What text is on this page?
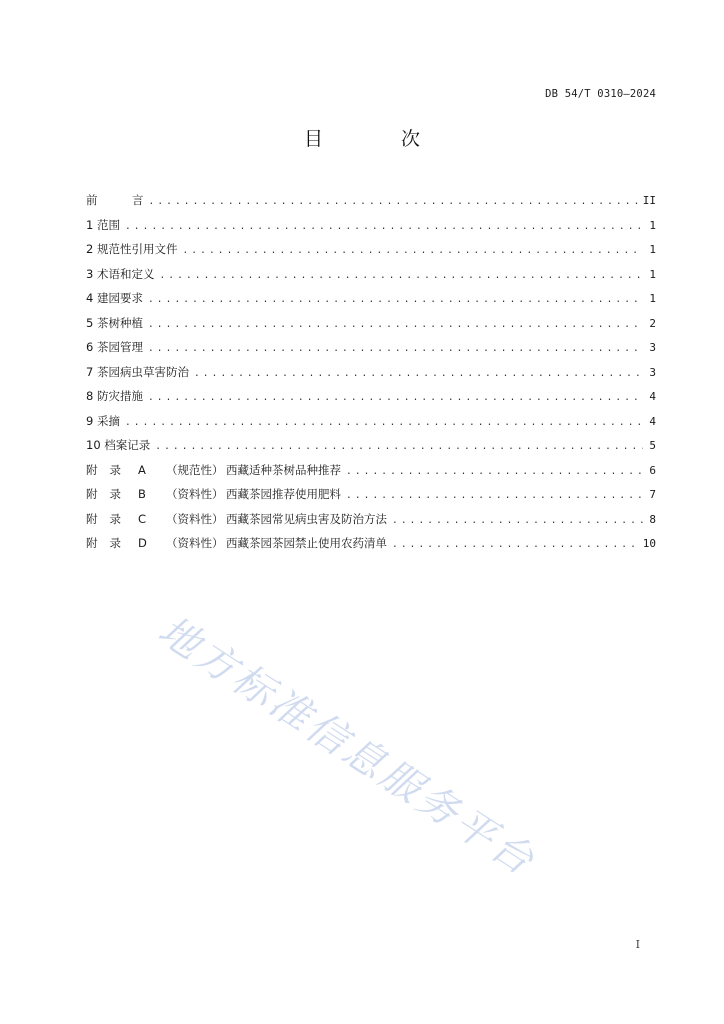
DB 54/T 0310—2024
目 次
前　　　言 .....	II
1 范围 .....	1
2 规范性引用文件 .....	1
3 术语和定义 .....	1
4 建园要求 .....	1
5 茶树种植 .....	2
6 茶园管理 .....	3
7 茶园病虫草害防治 .....	3
8 防灾措施 .....	4
9 采摘 .....	4
10 档案记录 .....	5
附录 A （规范性） 西藏适种茶树品种推荐 .....	6
附录 B （资料性） 西藏茶园推荐使用肥料 .....	7
附录 C （资料性） 西藏茶园常见病虫害及防治方法 .....	8
附录 D （资料性） 西藏茶园茶园禁止使用农药清单 .....	10
地方标准信息服务平台
I
